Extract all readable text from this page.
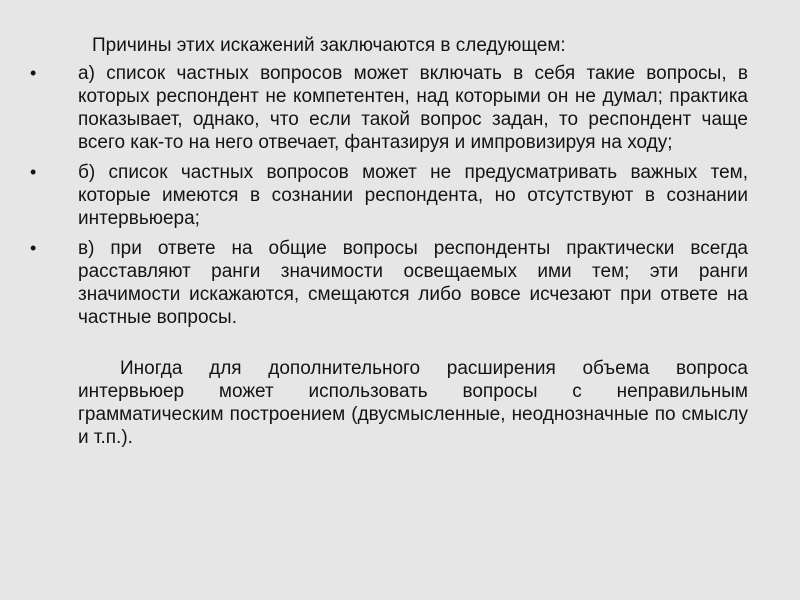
Причины этих искажений заключаются в следующем:
•	а) список частных вопросов может включать в себя такие вопросы, в которых респондент не компетентен, над которыми он не думал; практика показывает, однако, что если такой вопрос задан, то респондент чаще всего как-то на него отвечает, фантазируя и импровизируя на ходу;
•	б) список частных вопросов может не предусматривать важных тем, которые имеются в сознании респондента, но отсутствуют в сознании интервьюера;
•	в) при ответе на общие вопросы респонденты практически всегда расставляют ранги значимости освещаемых ими тем; эти ранги значимости искажаются, смещаются либо вовсе исчезают при ответе на частные вопросы.

Иногда для дополнительного расширения объема вопроса интервьюер может использовать вопросы с неправильным грамматическим построением (двусмысленные, неоднозначные по смыслу и т.п.).
